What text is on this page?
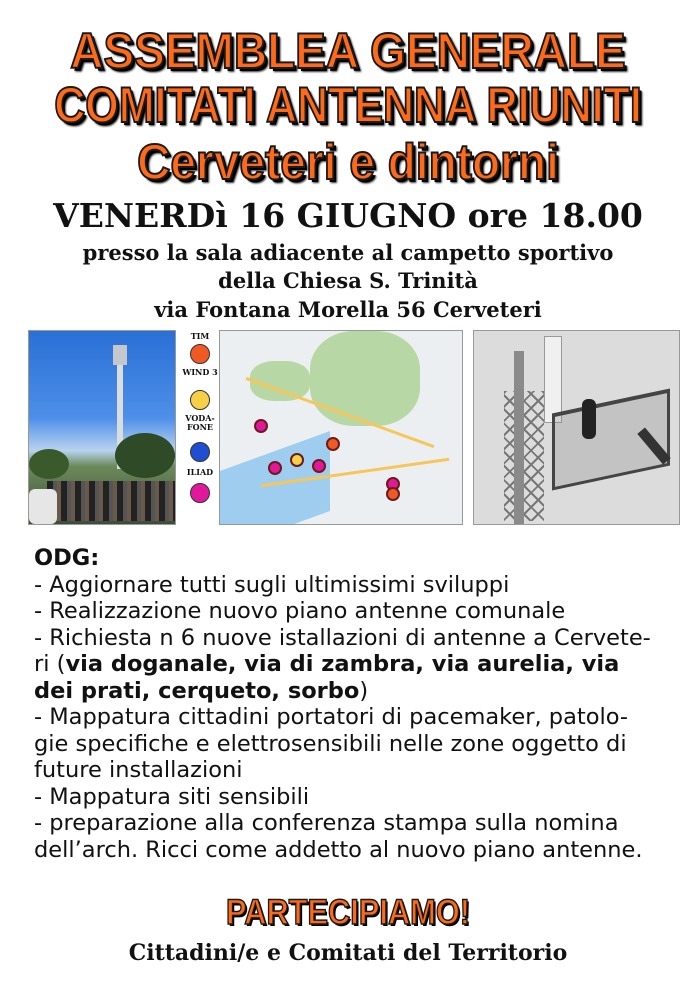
ASSEMBLEA GENERALE
COMITATI ANTENNA RIUNITI
Cerveteri e dintorni
VENERDì 16 GIUGNO ore 18.00
presso la sala adiacente al campetto sportivo
della Chiesa S. Trinità
via Fontana Morella 56 Cerveteri
TIM
WIND 3
VODA-FONE
ILIAD
ODG:
- Aggiornare tutti sugli ultimissimi sviluppi
- Realizzazione nuovo piano antenne comunale
- Richiesta n 6 nuove istallazioni di antenne a Cervete-
ri (via doganale, via di zambra, via aurelia, via
dei prati, cerqueto, sorbo)
- Mappatura cittadini portatori di pacemaker, patolo-
gie specifiche e elettrosensibili nelle zone oggetto di
future installazioni
- Mappatura siti sensibili
- preparazione alla conferenza stampa sulla nomina
dell’arch. Ricci come addetto al nuovo piano antenne.
PARTECIPIAMO!
Cittadini/e e Comitati del Territorio
